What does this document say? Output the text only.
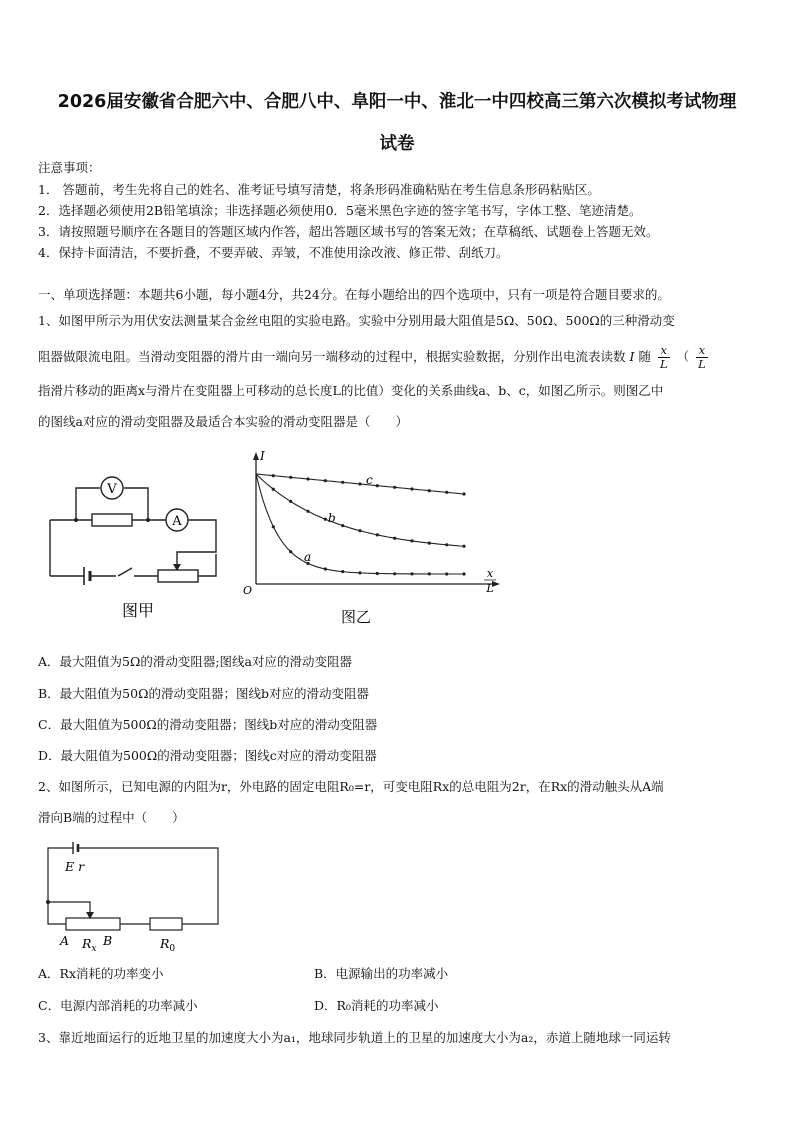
2026届安徽省合肥六中、合肥八中、阜阳一中、淮北一中四校高三第六次模拟考试物理
试卷
注意事项：
1． 答题前，考生先将自己的姓名、准考证号填写清楚，将条形码准确粘贴在考生信息条形码粘贴区。
2．选择题必须使用2B铅笔填涂；非选择题必须使用0．5毫米黑色字迹的签字笔书写，字体工整、笔迹清楚。
3．请按照题号顺序在各题目的答题区域内作答，超出答题区域书写的答案无效；在草稿纸、试题卷上答题无效。
4．保持卡面清洁，不要折叠，不要弄破、弄皱，不准使用涂改液、修正带、刮纸刀。
一、单项选择题：本题共6小题，每小题4分，共24分。在每小题给出的四个选项中，只有一项是符合题目要求的。
1、如图甲所示为用伏安法测量某合金丝电阻的实验电路。实验中分别用最大阻值是5Ω、50Ω、500Ω的三种滑动变
阻器做限流电阻。当滑动变阻器的滑片由一端向另一端移动的过程中，根据实验数据，分别作出电流表读数 I 随 $\frac{x}{L}$ （ $\frac{x}{L}$
指滑片移动的距离x与滑片在变阻器上可移动的总长度L的比值）变化的关系曲线a、b、c，如图乙所示。则图乙中
的图线a对应的滑动变阻器及最适合本实验的滑动变阻器是（　　）
V
A
图甲
I
O
x
L
c
b
a
图乙
A．最大阻值为5Ω的滑动变阻器;图线a对应的滑动变阻器
B．最大阻值为50Ω的滑动变阻器；图线b对应的滑动变阻器
C．最大阻值为500Ω的滑动变阻器；图线b对应的滑动变阻器
D．最大阻值为500Ω的滑动变阻器；图线c对应的滑动变阻器
2、如图所示，已知电源的内阻为r，外电路的固定电阻R₀=r，可变电阻Rx的总电阻为2r，在Rx的滑动触头从A端
滑向B端的过程中（　　）
E r
A $R_x$
B	$R_0$
A．Rx消耗的功率变小	B．电源输出的功率减小
C．电源内部消耗的功率减小	D．R₀消耗的功率减小
3、靠近地面运行的近地卫星的加速度大小为a₁，地球同步轨道上的卫星的加速度大小为a₂，赤道上随地球一同运转
